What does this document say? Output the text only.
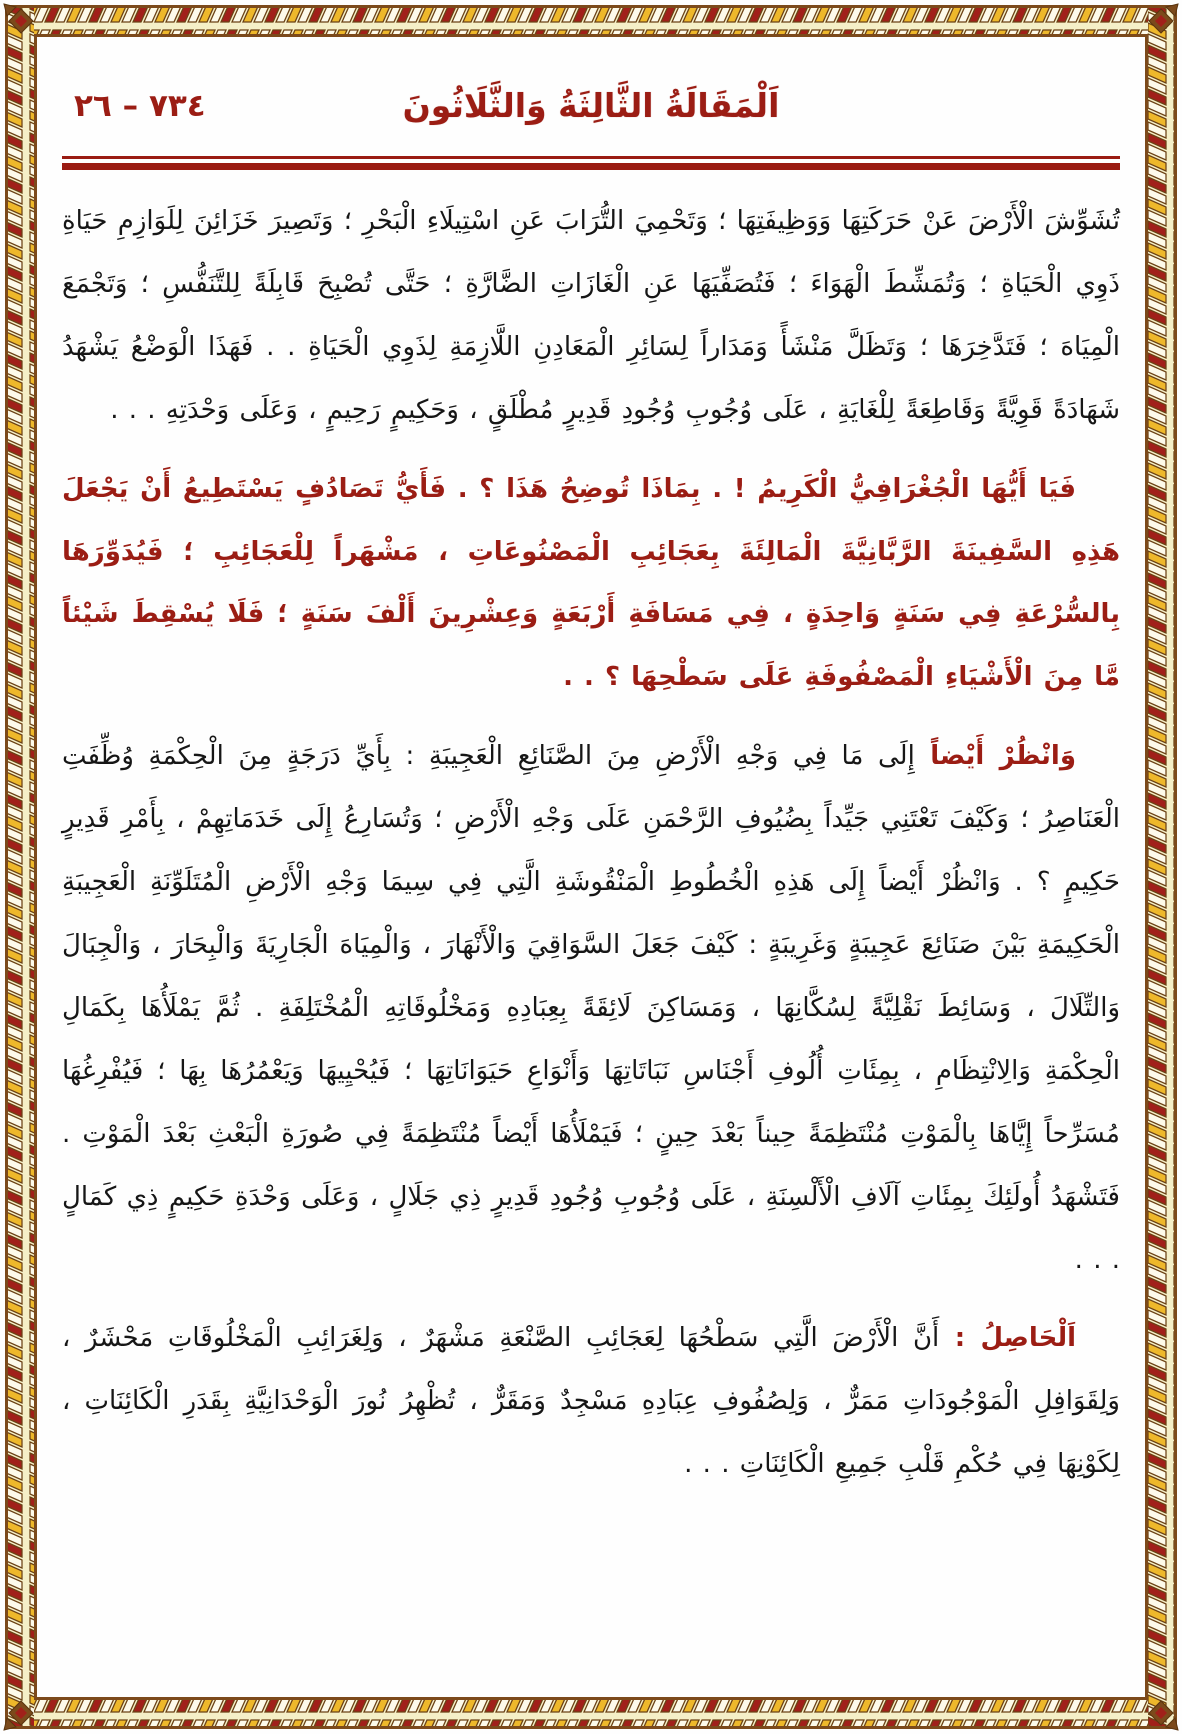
٧٣٤ – ٢٦	اَلْمَقَالَةُ الثَّالِثَةُ وَالثَّلَاثُونَ

تُشَوِّشَ الْأَرْضَ عَنْ حَرَكَتِهَا وَوَظِيفَتِهَا ؛ وَتَحْمِيَ التُّرَابَ عَنِ اسْتِيلَاءِ الْبَحْرِ ؛ وَتَصِيرَ خَزَائِنَ لِلَوَازِمِ حَيَاةِ ذَوِي الْحَيَاةِ ؛ وَتُمَشِّطَ الْهَوَاءَ ؛ فَتُصَفِّيَهَا عَنِ الْغَازَاتِ الضَّارَّةِ ؛ حَتَّى تُصْبِحَ قَابِلَةً لِلتَّنَفُّسِ ؛ وَتَجْمَعَ الْمِيَاهَ ؛ فَتَدَّخِرَهَا ؛ وَتَظَلَّ مَنْشَأً وَمَدَاراً لِسَائِرِ الْمَعَادِنِ اللَّازِمَةِ لِذَوِي الْحَيَاةِ . . فَهَذَا الْوَضْعُ يَشْهَدُ شَهَادَةً قَوِيَّةً وَقَاطِعَةً لِلْغَايَةِ ، عَلَى وُجُوبِ وُجُودِ قَدِيرٍ مُطْلَقٍ ، وَحَكِيمٍ رَحِيمٍ ، وَعَلَى وَحْدَتِهِ . . .

فَيَا أَيُّهَا الْجُغْرَافِيُّ الْكَرِيمُ ! . بِمَاذَا تُوضِحُ هَذَا ؟ . فَأَيُّ تَصَادُفٍ يَسْتَطِيعُ أَنْ يَجْعَلَ هَذِهِ السَّفِينَةَ الرَّبَّانِيَّةَ الْمَالِئَةَ بِعَجَائِبِ الْمَصْنُوعَاتِ ، مَشْهَراً لِلْعَجَائِبِ ؛ فَيُدَوِّرَهَا بِالسُّرْعَةِ فِي سَنَةٍ وَاحِدَةٍ ، فِي مَسَافَةِ أَرْبَعَةٍ وَعِشْرِينَ أَلْفَ سَنَةٍ ؛ فَلَا يُسْقِطَ شَيْئاً مَّا مِنَ الْأَشْيَاءِ الْمَصْفُوفَةِ عَلَى سَطْحِهَا ؟ . .

وَانْظُرْ أَيْضاً إِلَى مَا فِي وَجْهِ الْأَرْضِ مِنَ الصَّنَائِعِ الْعَجِيبَةِ : بِأَيِّ دَرَجَةٍ مِنَ الْحِكْمَةِ وُظِّفَتِ الْعَنَاصِرُ ؛ وَكَيْفَ تَعْتَنِي جَيِّداً بِضُيُوفِ الرَّحْمَنِ عَلَى وَجْهِ الْأَرْضِ ؛ وَتُسَارِعُ إِلَى خَدَمَاتِهِمْ ، بِأَمْرِ قَدِيرٍ حَكِيمٍ ؟ . وَانْظُرْ أَيْضاً إِلَى هَذِهِ الْخُطُوطِ الْمَنْقُوشَةِ الَّتِي فِي سِيمَا وَجْهِ الْأَرْضِ الْمُتَلَوِّنَةِ الْعَجِيبَةِ الْحَكِيمَةِ بَيْنَ صَنَائِعَ عَجِيبَةٍ وَغَرِيبَةٍ : كَيْفَ جَعَلَ السَّوَاقِيَ وَالْأَنْهَارَ ، وَالْمِيَاهَ الْجَارِيَةَ وَالْبِحَارَ ، وَالْجِبَالَ وَالتِّلَالَ ، وَسَائِطَ نَقْلِيَّةً لِسُكَّانِهَا ، وَمَسَاكِنَ لَائِقَةً بِعِبَادِهِ وَمَخْلُوقَاتِهِ الْمُخْتَلِفَةِ . ثُمَّ يَمْلَأُهَا بِكَمَالِ الْحِكْمَةِ وَالِانْتِظَامِ ، بِمِئَاتِ أُلُوفِ أَجْنَاسِ نَبَاتَاتِهَا وَأَنْوَاعِ حَيَوَانَاتِهَا ؛ فَيُحْيِيهَا وَيَعْمُرُهَا بِهَا ؛ فَيُفْرِغُهَا مُسَرِّحاً إِيَّاهَا بِالْمَوْتِ مُنْتَظِمَةً حِيناً بَعْدَ حِينٍ ؛ فَيَمْلَأُهَا أَيْضاً مُنْتَظِمَةً فِي صُورَةِ الْبَعْثِ بَعْدَ الْمَوْتِ . فَتَشْهَدُ أُولَئِكَ بِمِئَاتِ آلَافِ الْأَلْسِنَةِ ، عَلَى وُجُوبِ وُجُودِ قَدِيرٍ ذِي جَلَالٍ ، وَعَلَى وَحْدَةِ حَكِيمٍ ذِي كَمَالٍ . . .

اَلْحَاصِلُ : أَنَّ الْأَرْضَ الَّتِي سَطْحُهَا لِعَجَائِبِ الصَّنْعَةِ مَشْهَرٌ ، وَلِغَرَائِبِ الْمَخْلُوقَاتِ مَحْشَرٌ ، وَلِقَوَافِلِ الْمَوْجُودَاتِ مَمَرٌّ ، وَلِصُفُوفِ عِبَادِهِ مَسْجِدٌ وَمَقَرٌّ ، تُظْهِرُ نُورَ الْوَحْدَانِيَّةِ بِقَدَرِ الْكَائِنَاتِ ، لِكَوْنِهَا فِي حُكْمِ قَلْبِ جَمِيعِ الْكَائِنَاتِ . . .
